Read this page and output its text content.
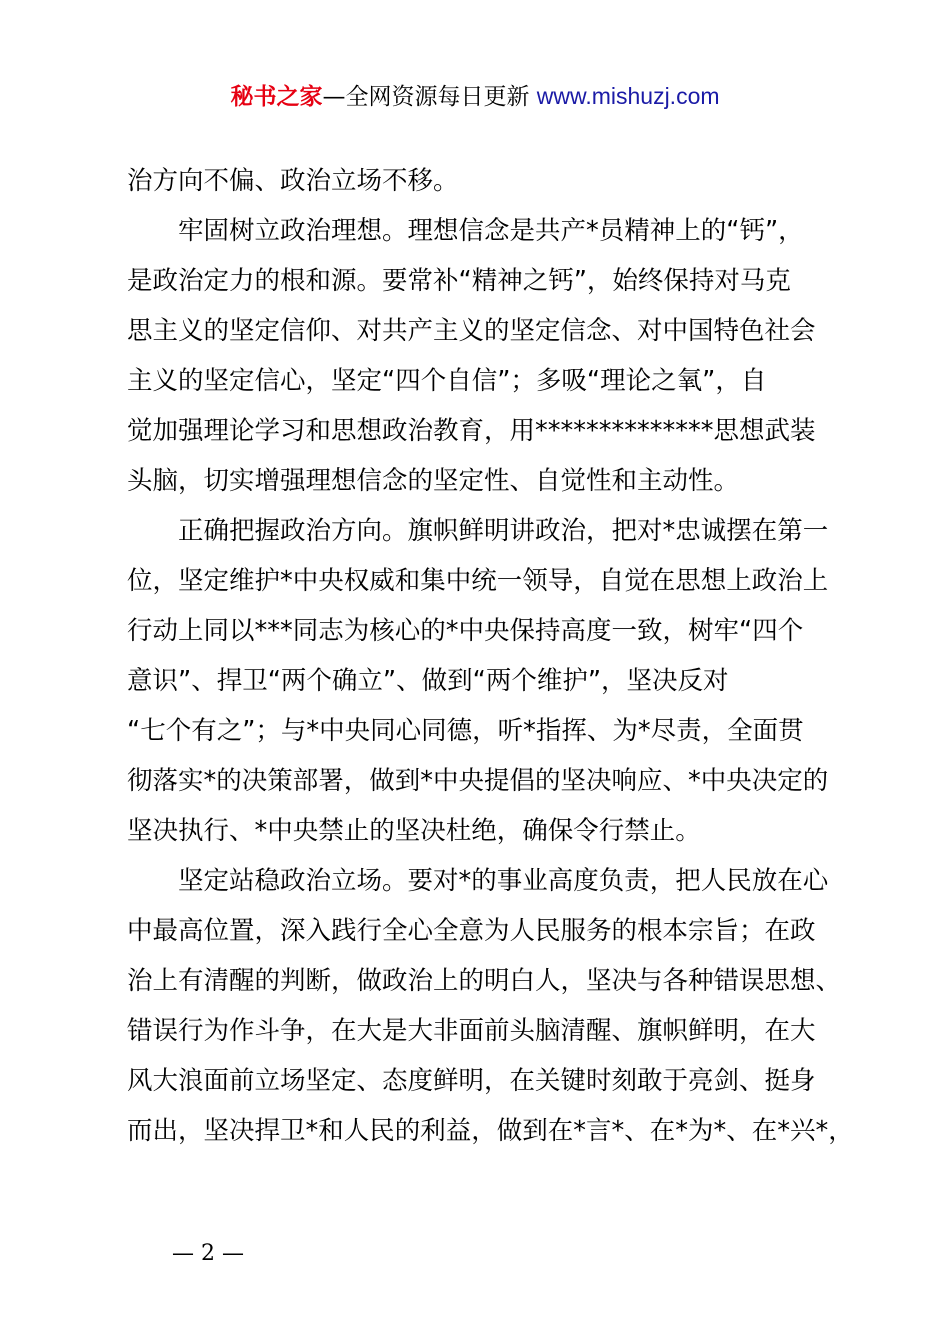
秘书之家—全网资源每日更新 www.mishuzj.com
治方向不偏、政治立场不移。
牢固树立政治理想。理想信念是共产*员精神上的“钙”，
是政治定力的根和源。要常补“精神之钙”，始终保持对马克
思主义的坚定信仰、对共产主义的坚定信念、对中国特色社会
主义的坚定信心，坚定“四个自信”；多吸“理论之氧”，自
觉加强理论学习和思想政治教育，用**************思想武装
头脑，切实增强理想信念的坚定性、自觉性和主动性。
正确把握政治方向。旗帜鲜明讲政治，把对*忠诚摆在第一
位，坚定维护*中央权威和集中统一领导，自觉在思想上政治上
行动上同以***同志为核心的*中央保持高度一致，树牢“四个
意识”、捍卫“两个确立”、做到“两个维护”，坚决反对
“七个有之”；与*中央同心同德，听*指挥、为*尽责，全面贯
彻落实*的决策部署，做到*中央提倡的坚决响应、*中央决定的
坚决执行、*中央禁止的坚决杜绝，确保令行禁止。
坚定站稳政治立场。要对*的事业高度负责，把人民放在心
中最高位置，深入践行全心全意为人民服务的根本宗旨；在政
治上有清醒的判断，做政治上的明白人，坚决与各种错误思想、
错误行为作斗争，在大是大非面前头脑清醒、旗帜鲜明，在大
风大浪面前立场坚定、态度鲜明，在关键时刻敢于亮剑、挺身
而出，坚决捍卫*和人民的利益，做到在*言*、在*为*、在*兴*，
— 2 —
